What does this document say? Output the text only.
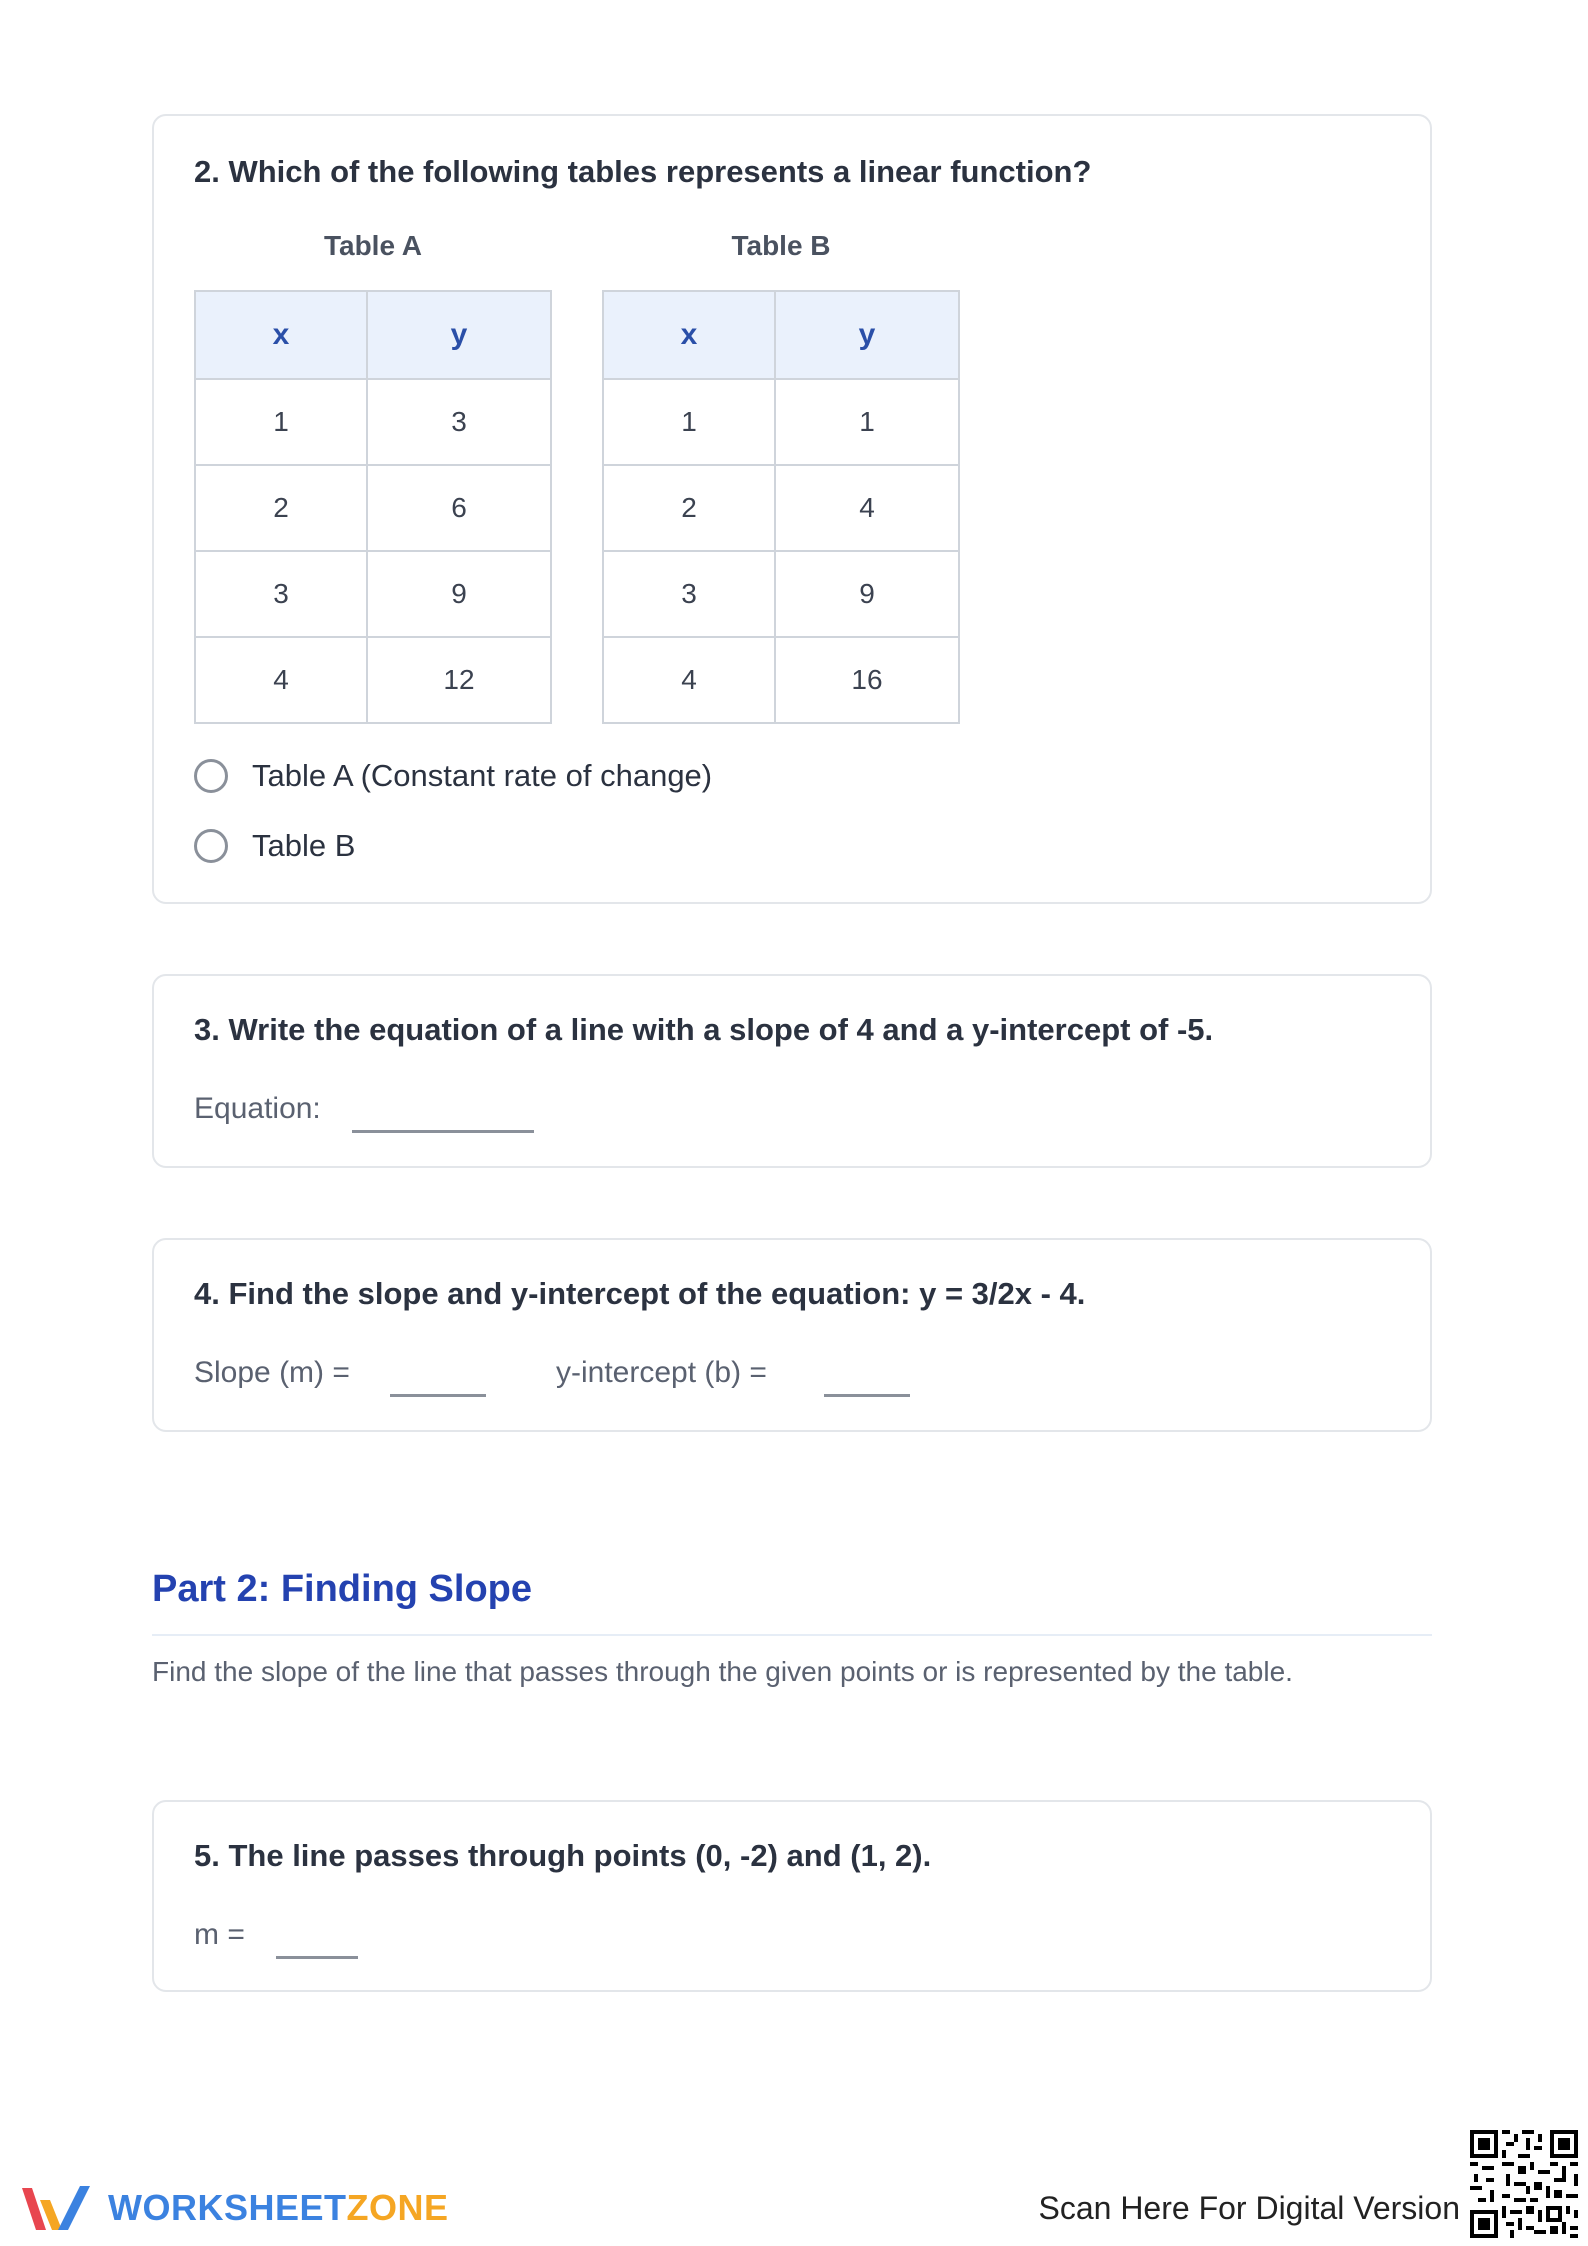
2. Which of the following tables represents a linear function?
Table A
x	y
1	3
2	6
3	9
4	12
Table B
x	y
1	1
2	4
3	9
4	16
Table A (Constant rate of change)
Table B
3. Write the equation of a line with a slope of 4 and a y-intercept of -5.
Equation:
4. Find the slope and y-intercept of the equation: y = 3/2x - 4.
Slope (m) =	y-intercept (b) =
Part 2: Finding Slope
Find the slope of the line that passes through the given points or is represented by the table.
5. The line passes through points (0, -2) and (1, 2).
m =
WORKSHEETZONE	Scan Here For Digital Version
